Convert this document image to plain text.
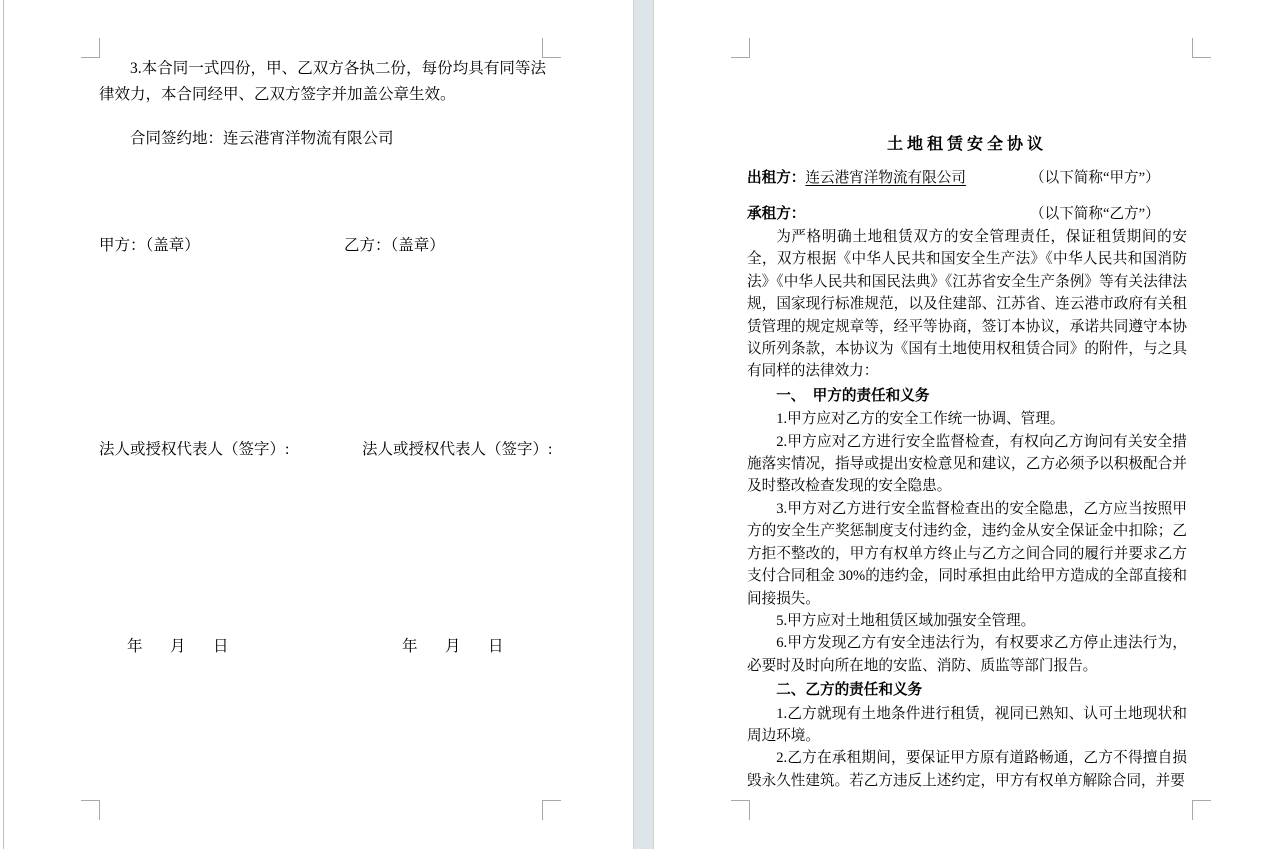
3.本合同一式四份，甲、乙双方各执二份，每份均具有同等法律效力，本合同经甲、乙双方签字并加盖公章生效。

合同签约地：连云港宵洋物流有限公司

甲方：（盖章）	乙方：（盖章）
法人或授权代表人（签字）:	法人或授权代表人（签字）:
年　月　日	年　月　日
土地租赁安全协议
出租方：连云港宵洋物流有限公司	（以下简称“甲方”）
承租方：	（以下简称“乙方”）

为严格明确土地租赁双方的安全管理责任，保证租赁期间的安全，双方根据《中华人民共和国安全生产法》《中华人民共和国消防法》《中华人民共和国民法典》《江苏省安全生产条例》等有关法律法规，国家现行标准规范，以及住建部、江苏省、连云港市政府有关租赁管理的规定规章等，经平等协商，签订本协议，承诺共同遵守本协议所列条款，本协议为《国有土地使用权租赁合同》的附件，与之具有同样的法律效力：

一、　甲方的责任和义务

1.甲方应对乙方的安全工作统一协调、管理。

2.甲方应对乙方进行安全监督检查，有权向乙方询问有关安全措施落实情况，指导或提出安检意见和建议，乙方必须予以积极配合并及时整改检查发现的安全隐患。

3.甲方对乙方进行安全监督检查出的安全隐患，乙方应当按照甲方的安全生产奖惩制度支付违约金，违约金从安全保证金中扣除；乙方拒不整改的，甲方有权单方终止与乙方之间合同的履行并要求乙方支付合同租金 30%的违约金，同时承担由此给甲方造成的全部直接和间接损失。

5.甲方应对土地租赁区域加强安全管理。

6.甲方发现乙方有安全违法行为，有权要求乙方停止违法行为，必要时及时向所在地的安监、消防、质监等部门报告。

二、乙方的责任和义务

1.乙方就现有土地条件进行租赁，视同已熟知、认可土地现状和周边环境。

2.乙方在承租期间，要保证甲方原有道路畅通，乙方不得擅自损毁永久性建筑。若乙方违反上述约定，甲方有权单方解除合同，并要
